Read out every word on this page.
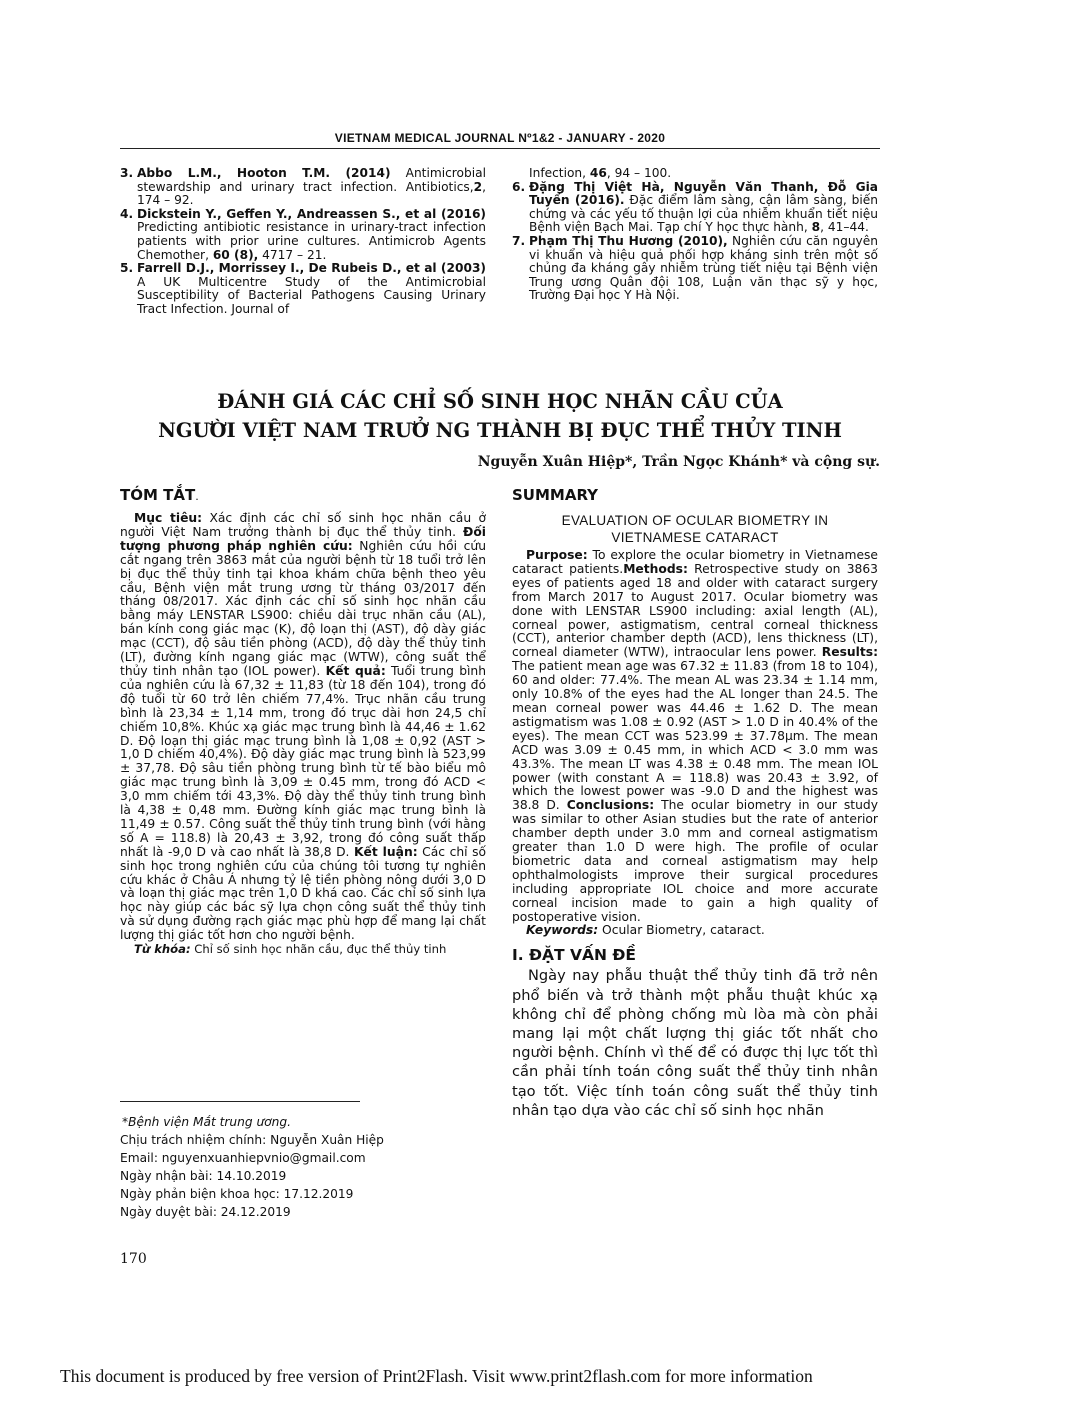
VIETNAM MEDICAL JOURNAL Nº1&2 - JANUARY - 2020
3. Abbo L.M., Hooton T.M. (2014) Antimicrobial stewardship and urinary tract infection. Antibiotics,2, 174 – 92.
4. Dickstein Y., Geffen Y., Andreassen S., et al (2016) Predicting antibiotic resistance in urinary-tract infection patients with prior urine cultures. Antimicrob Agents Chemother, 60 (8), 4717 – 21.
5. Farrell D.J., Morrissey I., De Rubeis D., et al (2003) A UK Multicentre Study of the Antimicrobial Susceptibility of Bacterial Pathogens Causing Urinary Tract Infection. Journal of
Infection, 46, 94 – 100.
6. Đặng Thị Việt Hà, Nguyễn Văn Thanh, Đỗ Gia Tuyến (2016). Đặc điểm lâm sàng, cận lâm sàng, biến chứng và các yếu tố thuận lợi của nhiễm khuẩn tiết niệu Bệnh viện Bạch Mai. Tạp chí Y học thực hành, 8, 41–44.
7. Phạm Thị Thu Hương (2010), Nghiên cứu căn nguyên vi khuẩn và hiệu quả phối hợp kháng sinh trên một số chủng đa kháng gây nhiễm trùng tiết niệu tại Bệnh viện Trung ương Quân đội 108, Luận văn thạc sỹ y học, Trường Đại học Y Hà Nội.
ĐÁNH GIÁ CÁC CHỈ SỐ SINH HỌC NHÃN CẦU CỦA
NGƯỜI VIỆT NAM TRƯỞ NG THÀNH BỊ ĐỤC THỂ THỦY TINH
Nguyễn Xuân Hiệp*, Trần Ngọc Khánh* và cộng sự.
TÓM TẮT.

Mục tiêu: Xác định các chỉ số sinh học nhãn cầu ở người Việt Nam trưởng thành bị đục thể thủy tinh. Đối tượng phương pháp nghiên cứu: Nghiên cứu hồi cứu cắt ngang trên 3863 mắt của người bệnh từ 18 tuổi trở lên bị đục thể thủy tinh tại khoa khám chữa bệnh theo yêu cầu, Bệnh viện mắt trung ương từ tháng 03/2017 đến tháng 08/2017. Xác định các chỉ số sinh học nhãn cầu bằng máy LENSTAR LS900: chiều dài trục nhãn cầu (AL), bán kính cong giác mạc (K), độ loạn thị (AST), độ dày giác mạc (CCT), độ sâu tiền phòng (ACD), độ dày thể thủy tinh (LT), đường kính ngang giác mạc (WTW), công suất thể thủy tinh nhân tạo (IOL power). Kết quả: Tuổi trung bình của nghiên cứu là 67,32 ± 11,83 (từ 18 đến 104), trong đó độ tuổi từ 60 trở lên chiếm 77,4%. Trục nhãn cầu trung bình là 23,34 ± 1,14 mm, trong đó trục dài hơn 24,5 chỉ chiếm 10,8%. Khúc xạ giác mạc trung bình là 44,46 ± 1.62 D. Độ loạn thị giác mạc trung bình là 1,08 ± 0,92 (AST > 1,0 D chiếm 40,4%). Độ dày giác mạc trung bình là 523,99 ± 37,78. Độ sâu tiền phòng trung bình từ tế bào biểu mô giác mạc trung bình là 3,09 ± 0.45 mm, trong đó ACD < 3,0 mm chiếm tới 43,3%. Độ dày thể thủy tinh trung bình là 4,38 ± 0,48 mm. Đường kính giác mạc trung bình là 11,49 ± 0.57. Công suất thể thủy tinh trung bình (với hằng số A = 118.8) là 20,43 ± 3,92, trong đó công suất thấp nhất là -9,0 D và cao nhất là 38,8 D. Kết luận: Các chỉ số sinh học trong nghiên cứu của chúng tôi tương tự nghiên cứu khác ở Châu Á nhưng tỷ lệ tiền phòng nông dưới 3,0 D và loạn thị giác mạc trên 1,0 D khá cao. Các chỉ số sinh lựa học này giúp các bác sỹ lựa chọn công suất thể thủy tinh và sử dụng đường rạch giác mạc phù hợp để mang lại chất lượng thị giác tốt hơn cho người bệnh.

Từ khóa: Chỉ số sinh học nhãn cầu, đục thể thủy tinh

*Bệnh viện Mắt trung ương.
Chịu trách nhiệm chính: Nguyễn Xuân Hiệp
Email: nguyenxuanhiepvnio@gmail.com
Ngày nhận bài: 14.10.2019
Ngày phản biện khoa học: 17.12.2019
Ngày duyệt bài: 24.12.2019
SUMMARY
EVALUATION OF OCULAR BIOMETRY IN
VIETNAMESE CATARACT

Purpose: To explore the ocular biometry in Vietnamese cataract patients.Methods: Retrospective study on 3863 eyes of patients aged 18 and older with cataract surgery from March 2017 to August 2017. Ocular biometry was done with LENSTAR LS900 including: axial length (AL), corneal power, astigmatism, central corneal thickness (CCT), anterior chamber depth (ACD), lens thickness (LT), corneal diameter (WTW), intraocular lens power. Results: The patient mean age was 67.32 ± 11.83 (from 18 to 104), 60 and older: 77.4%. The mean AL was 23.34 ± 1.14 mm, only 10.8% of the eyes had the AL longer than 24.5. The mean corneal power was 44.46 ± 1.62 D. The mean astigmatism was 1.08 ± 0.92 (AST > 1.0 D in 40.4% of the eyes). The mean CCT was 523.99 ± 37.78μm. The mean ACD was 3.09 ± 0.45 mm, in which ACD < 3.0 mm was 43.3%. The mean LT was 4.38 ± 0.48 mm. The mean IOL power (with constant A = 118.8) was 20.43 ± 3.92, of which the lowest power was -9.0 D and the highest was 38.8 D. Conclusions: The ocular biometry in our study was similar to other Asian studies but the rate of anterior chamber depth under 3.0 mm and corneal astigmatism greater than 1.0 D were high. The profile of ocular biometric data and corneal astigmatism may help ophthalmologists improve their surgical procedures including appropriate IOL choice and more accurate corneal incision made to gain a high quality of postoperative vision.

Keywords: Ocular Biometry, cataract.

I. ĐẶT VẤN ĐỀ

Ngày nay phẫu thuật thể thủy tinh đã trở nên phổ biến và trở thành một phẫu thuật khúc xạ không chỉ để phòng chống mù lòa mà còn phải mang lại một chất lượng thị giác tốt nhất cho người bệnh. Chính vì thế để có được thị lực tốt thì cần phải tính toán công suất thể thủy tinh nhân tạo tốt. Việc tính toán công suất thể thủy tinh nhân tạo dựa vào các chỉ số sinh học nhãn

170
This document is produced by free version of Print2Flash. Visit www.print2flash.com for more information
